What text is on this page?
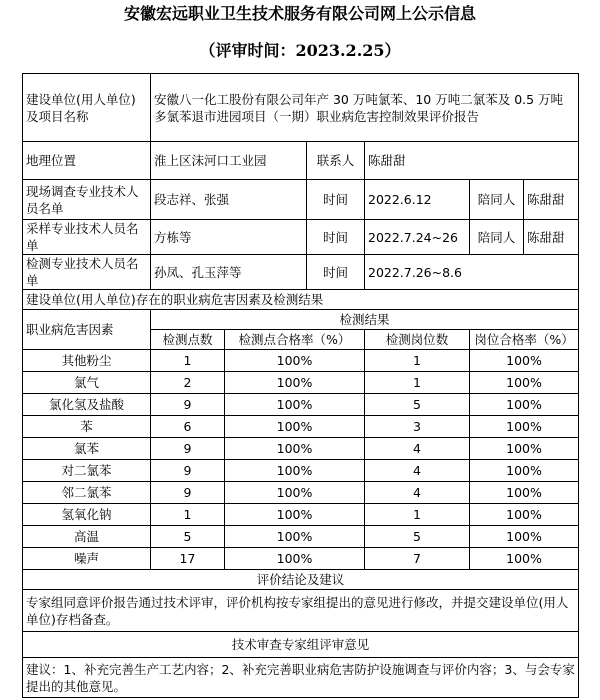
安徽宏远职业卫生技术服务有限公司网上公示信息
（评审时间：2023.2.25）
建设单位(用人单位)及项目名称	安徽八一化工股份有限公司年产 30 万吨氯苯、10 万吨二氯苯及 0.5 万吨多氯苯退市进园项目（一期）职业病危害控制效果评价报告					
地理位置	淮上区沫河口工业园		联系人	陈甜甜		
现场调查专业技术人员名单	段志祥、张强		时间	2022.6.12	陪同人	陈甜甜
采样专业技术人员名单	方栋等		时间	2022.7.24~26	陪同人	陈甜甜
检测专业技术人员名单	孙凤、孔玉萍等		时间	2022.7.26~8.6		
建设单位(用人单位)存在的职业病危害因素及检测结果						
职业病危害因素	检测结果					
	检测点数	检测点合格率（%）		检测岗位数	岗位合格率（%）	
其他粉尘	1	100%		1	100%	
氯气	2	100%		1	100%	
氯化氢及盐酸	9	100%		5	100%	
苯	6	100%		3	100%	
氯苯	9	100%		4	100%	
对二氯苯	9	100%		4	100%	
邻二氯苯	9	100%		4	100%	
氢氧化钠	1	100%		1	100%	
高温	5	100%		5	100%	
噪声	17	100%		7	100%	
评价结论及建议						
专家组同意评价报告通过技术评审，评价机构按专家组提出的意见进行修改，并提交建设单位(用人单位)存档备查。						
技术审查专家组评审意见						
建议：1、补充完善生产工艺内容；2、补充完善职业病危害防护设施调查与评价内容；3、与会专家提出的其他意见。						
